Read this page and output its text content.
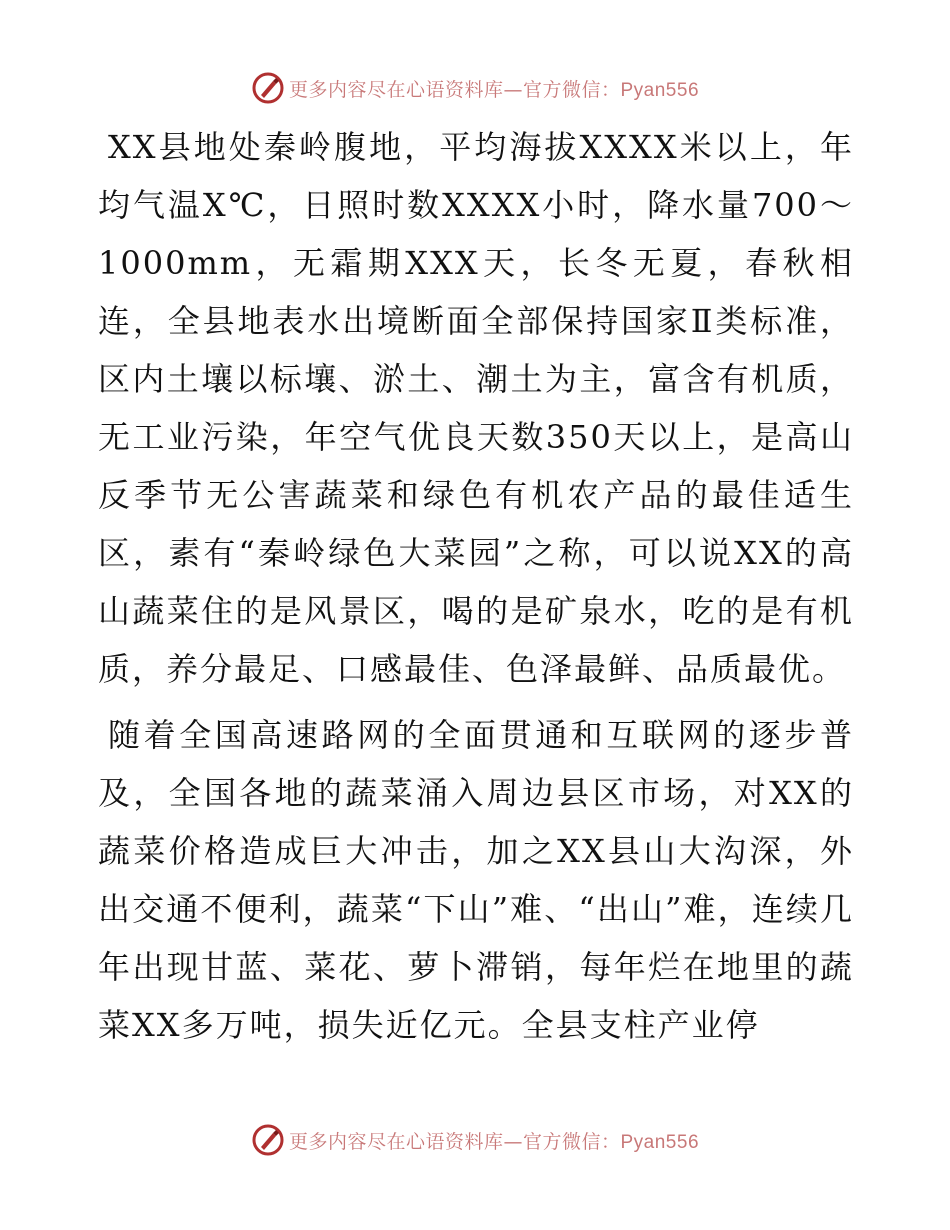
更多内容尽在心语资料库—官方微信：Pyan556

XX县地处秦岭腹地，平均海拔XXXX米以上，年均气温X℃，日照时数XXXX小时，降水量700～1000mm，无霜期XXX天，长冬无夏，春秋相连，全县地表水出境断面全部保持国家Ⅱ类标准，区内土壤以标壤、淤土、潮土为主，富含有机质，无工业污染，年空气优良天数350天以上，是高山反季节无公害蔬菜和绿色有机农产品的最佳适生区，素有“秦岭绿色大菜园”之称，可以说XX的高山蔬菜住的是风景区，喝的是矿泉水，吃的是有机质，养分最足、口感最佳、色泽最鲜、品质最优。

随着全国高速路网的全面贯通和互联网的逐步普及，全国各地的蔬菜涌入周边县区市场，对XX的蔬菜价格造成巨大冲击，加之XX县山大沟深，外出交通不便利，蔬菜“下山”难、“出山”难，连续几年出现甘蓝、菜花、萝卜滞销，每年烂在地里的蔬菜XX多万吨，损失近亿元。全县支柱产业停

更多内容尽在心语资料库—官方微信：Pyan556
